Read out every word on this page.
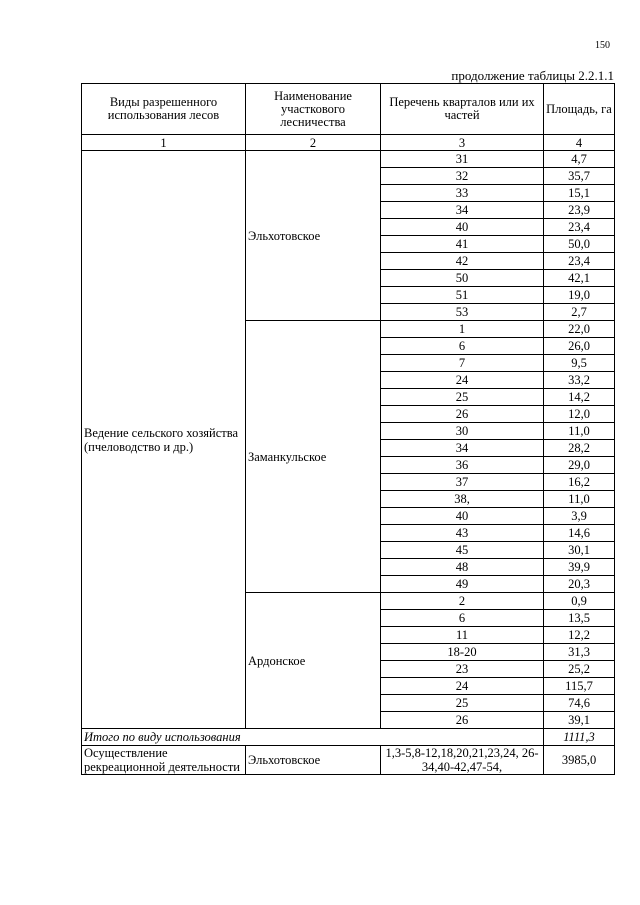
150
продолжение таблицы 2.2.1.1
Виды разрешенного использования лесов	Наименование участкового лесничества	Перечень кварталов или их частей	Площадь, га
1	2	3	4
Ведение сельского хозяйства (пчеловодство и др.)	Эльхотовское	31	4,7
		32	35,7
		33	15,1
		34	23,9
		40	23,4
		41	50,0
		42	23,4
		50	42,1
		51	19,0
		53	2,7
	Заманкульское	1	22,0
		6	26,0
		7	9,5
		24	33,2
		25	14,2
		26	12,0
		30	11,0
		34	28,2
		36	29,0
		37	16,2
		38,	11,0
		40	3,9
		43	14,6
		45	30,1
		48	39,9
		49	20,3
	Ардонское	2	0,9
		6	13,5
		11	12,2
		18-20	31,3
		23	25,2
		24	115,7
		25	74,6
		26	39,1
Итого по виду использования			1111,3
Осуществление рекреационной деятельности	Эльхотовское	1,3-5,8-12,18,20,21,23,24, 26-34,40-42,47-54,	3985,0
